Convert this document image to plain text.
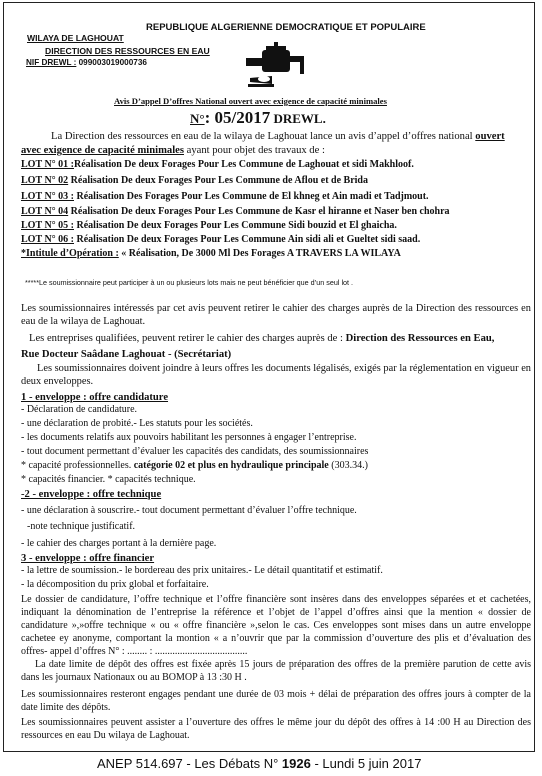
REPUBLIQUE ALGERIENNE DEMOCRATIQUE ET POPULAIRE
WILAYA DE LAGHOUAT
DIRECTION DES RESSOURCES EN EAU
NIF DREWL : 099003019000736
Avis D’appel D’offres National ouvert avec exigence de capacité minimales
N°: 05/2017 DREWL.
La Direction des ressources en eau de la wilaya de Laghouat lance un avis d’appel d’offres national ouvert
avec exigence de capacité minimales ayant pour objet des travaux de :
LOT N° 01 :Réalisation De deux Forages Pour Les Commune de Laghouat et sidi Makhloof.
LOT N° 02 Réalisation De deux Forages Pour Les Commune de Aflou et de Brida
LOT N° 03 : Réalisation Des Forages Pour Les Commune de El khneg et Ain madi et Tadjmout.
LOT N° 04 Réalisation De deux Forages Pour Les Commune de Kasr el hiranne et Naser ben chohra
LOT N° 05 : Réalisation De deux Forages Pour Les Commune Sidi bouzid et El ghaicha.
LOT N° 06 : Réalisation De deux Forages Pour Les Commune Ain sidi ali et Gueltet sidi saad.
*Intitule d’Opération : « Réalisation, De 3000 Ml Des Forages A TRAVERS LA WILAYA
*****Le soumissionnaire peut participer à un ou plusieurs lots mais ne peut bénéficier que d’un seul lot .
Les soumissionnaires intéressés par cet avis peuvent retirer le cahier des charges auprès de la Direction des ressources en eau de la wilaya de Laghouat.
Les entreprises qualifiées, peuvent retirer le cahier des charges auprès de : Direction des Ressources en Eau,
Rue Docteur Saâdane Laghouat - (Secrétariat)
Les soumissionnaires doivent joindre à leurs offres les documents légalisés, exigés par la réglementation en vigueur en deux enveloppes.
1 - enveloppe : offre candidature
- Déclaration de candidature.
- une déclaration de probité.- Les statuts pour les sociétés.
- les documents relatifs aux pouvoirs habilitant les personnes à engager l’entreprise.
- tout document permettant d’évaluer les capacités des candidats, des soumissionnaires
* capacité professionnelles. catégorie 02 et plus en hydraulique principale (303.34.)
* capacités financier. * capacités technique.
-2 - enveloppe : offre technique
- une déclaration à souscrire.- tout document permettant d’évaluer l’offre technique.
-note technique justificatif.
- le cahier des charges portant à la dernière page.
3 - enveloppe : offre financier
- la lettre de soumission.- le bordereau des prix unitaires.- Le détail quantitatif et estimatif.
- la décomposition du prix global et forfaitaire.
Le dossier de candidature, l’offre technique et l’offre financière sont insères dans des enveloppes séparées et et cachetées, indiquant la dénomination de l’entreprise la référence et l’objet de l’appel d’offres ainsi que la mention « dossier de candidature »,»offre technique « ou « offre financière »,selon le cas. Ces enveloppes sont mises dans un autre enveloppe cachetee ey anonyme, comportant la montion « a n’ouvrir que par la commission d’ouverture des plis et d’évaluation des offres- appel d’offres N° : ........ : .....................................
La date limite de dépôt des offres est fixée après 15 jours de préparation des offres de la première parution de cette avis dans les journaux Nationaux ou au BOMOP à 13 :30 H .
Les soumissionnaires resteront engages pendant une durée de 03 mois + délai de préparation des offres jours à compter de la date limite des dépôts.
Les soumissionnaires peuvent assister a l’ouverture des offres le même jour du dépôt des offres à 14 :00 H au Direction des ressources en eau Du wilaya de Laghouat.
ANEP 514.697 - Les Débats N° 1926 - Lundi 5 juin 2017
